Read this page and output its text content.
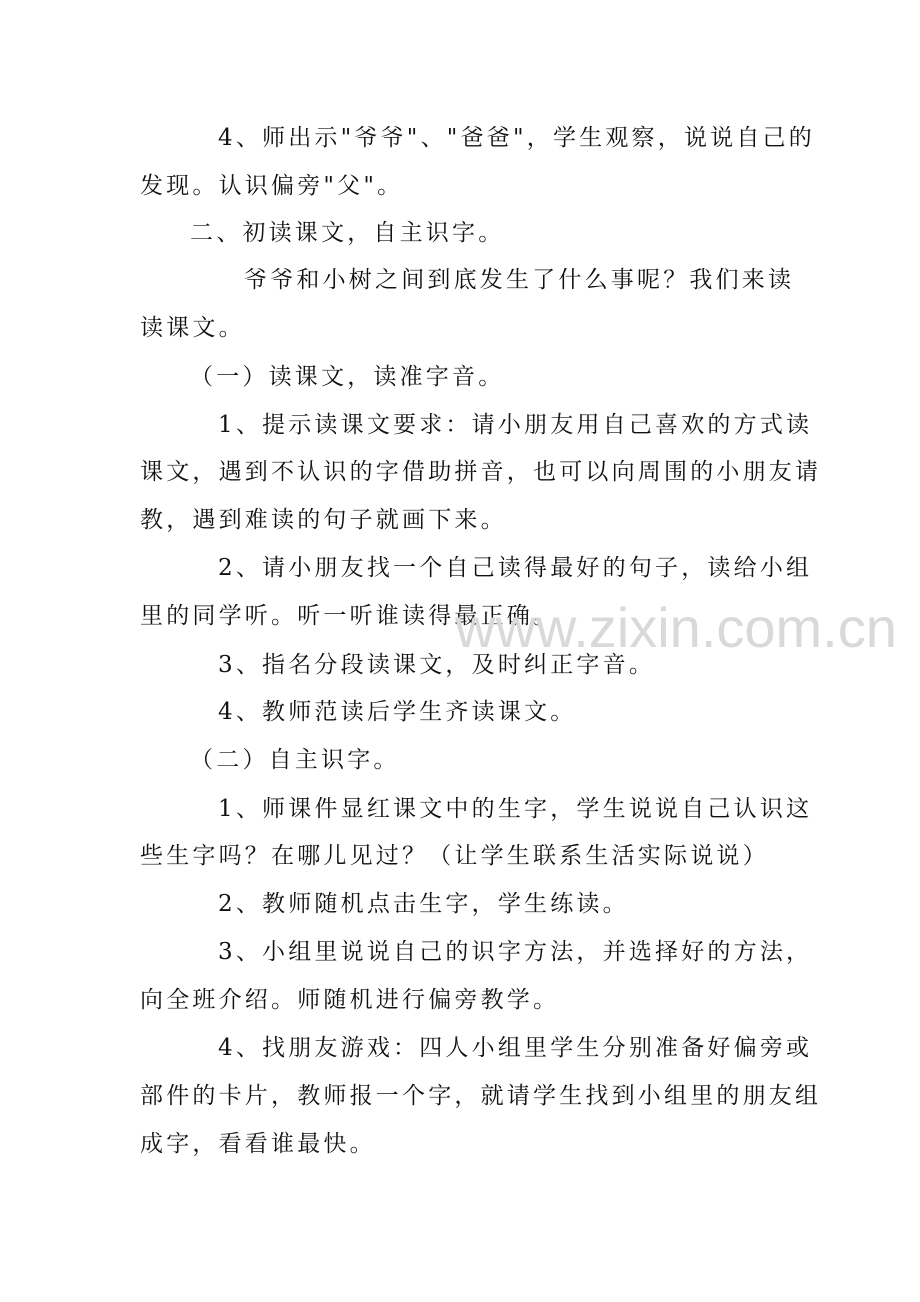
4、师出示"爷爷"、"爸爸"，学生观察，说说自己的
发现。认识偏旁"父"。
二、初读课文，自主识字。
爷爷和小树之间到底发生了什么事呢？我们来读
读课文。
（一）读课文，读准字音。
1、提示读课文要求：请小朋友用自己喜欢的方式读
课文，遇到不认识的字借助拼音，也可以向周围的小朋友请
教，遇到难读的句子就画下来。
2、请小朋友找一个自己读得最好的句子，读给小组
里的同学听。听一听谁读得最正确。
3、指名分段读课文，及时纠正字音。
4、教师范读后学生齐读课文。
（二）自主识字。
1、师课件显红课文中的生字，学生说说自己认识这
些生字吗？在哪儿见过？（让学生联系生活实际说说）
2、教师随机点击生字，学生练读。
3、小组里说说自己的识字方法，并选择好的方法，
向全班介绍。师随机进行偏旁教学。
4、找朋友游戏：四人小组里学生分别准备好偏旁或
部件的卡片，教师报一个字，就请学生找到小组里的朋友组
成字，看看谁最快。
www.zixin.com.cn
